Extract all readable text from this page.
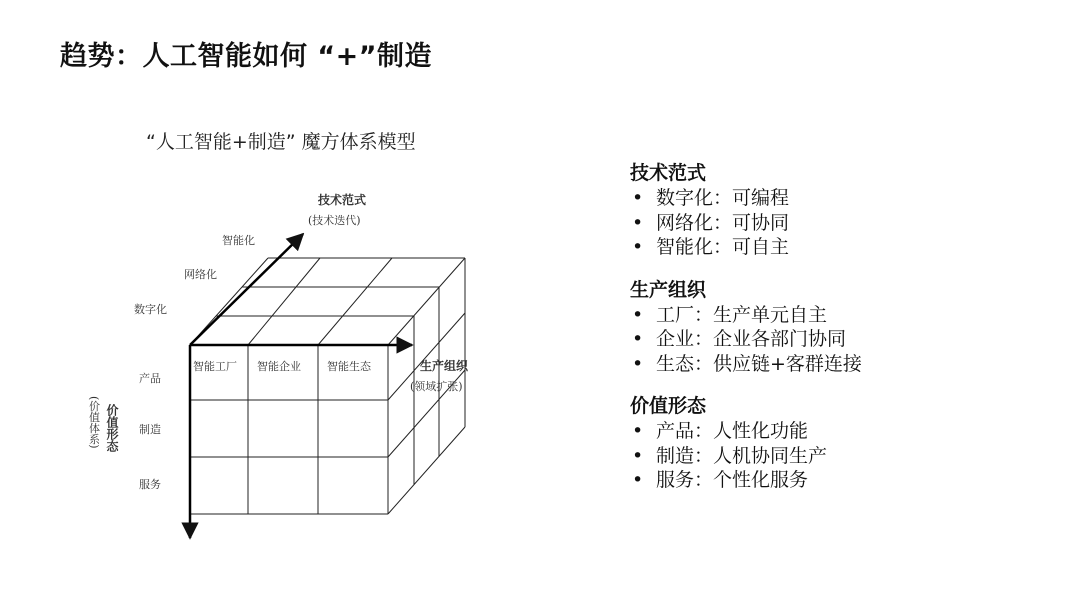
趋势：人工智能如何 “+”制造
“人工智能+制造” 魔方体系模型
技术范式
(技术迭代)
智能化
网络化
数字化
智能工厂 智能企业 智能生态	生产组织
(领域扩张)
产品
制造
服务
价值形态
(价值体系)
技术范式
• 数字化：可编程
• 网络化：可协同
• 智能化：可自主
生产组织
• 工厂：生产单元自主
• 企业：企业各部门协同
• 生态：供应链+客群连接
价值形态
• 产品：人性化功能
• 制造：人机协同生产
• 服务：个性化服务
